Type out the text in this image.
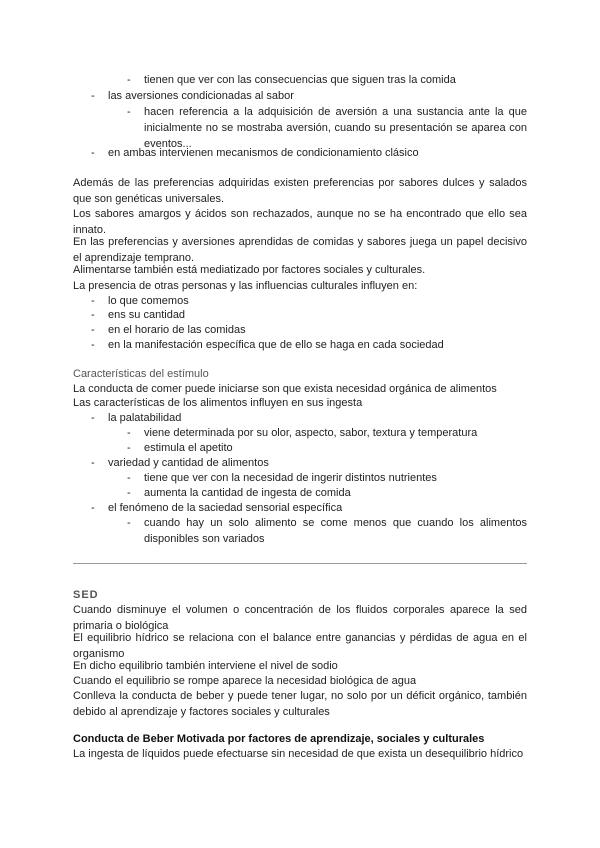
- tienen que ver con las consecuencias que siguen tras la comida
- las aversiones condicionadas al sabor
- hacen referencia a la adquisición de aversión a una sustancia ante la que inicialmente no se mostraba aversión, cuando su presentación se aparea con eventos...
- en ambas intervienen mecanismos de condicionamiento clásico
Además de las preferencias adquiridas existen preferencias por sabores dulces y salados que son genéticas universales.
Los sabores amargos y ácidos son rechazados, aunque no se ha encontrado que ello sea innato.
En las preferencias y aversiones aprendidas de comidas y sabores juega un papel decisivo el aprendizaje temprano.
Alimentarse también está mediatizado por factores sociales y culturales.
La presencia de otras personas y las influencias culturales influyen en:
- lo que comemos
- ens su cantidad
- en el horario de las comidas
- en la manifestación específica que de ello se haga en cada sociedad
Características del estímulo
La conducta de comer puede iniciarse son que exista necesidad orgánica de alimentos
Las características de los alimentos influyen en sus ingesta
- la palatabilidad
- viene determinada por su olor, aspecto, sabor, textura y temperatura
- estimula el apetito
- variedad y cantidad de alimentos
- tiene que ver con la necesidad de ingerir distintos nutrientes
- aumenta la cantidad de ingesta de comida
- el fenómeno de la saciedad sensorial específica
- cuando hay un solo alimento se come menos que cuando los alimentos disponibles son variados
SED
Cuando disminuye el volumen o concentración de los fluidos corporales aparece la sed primaria o biológica
El equilibrio hídrico se relaciona con el balance entre ganancias y pérdidas de agua en el organismo
En dicho equilibrio también interviene el nivel de sodio
Cuando el equilibrio se rompe aparece la necesidad biológica de agua
Conlleva la conducta de beber y puede tener lugar, no solo por un déficit orgánico, también debido al aprendizaje y factores sociales y culturales
Conducta de Beber Motivada por factores de aprendizaje, sociales y culturales
La ingesta de líquidos puede efectuarse sin necesidad de que exista un desequilibrio hídrico
